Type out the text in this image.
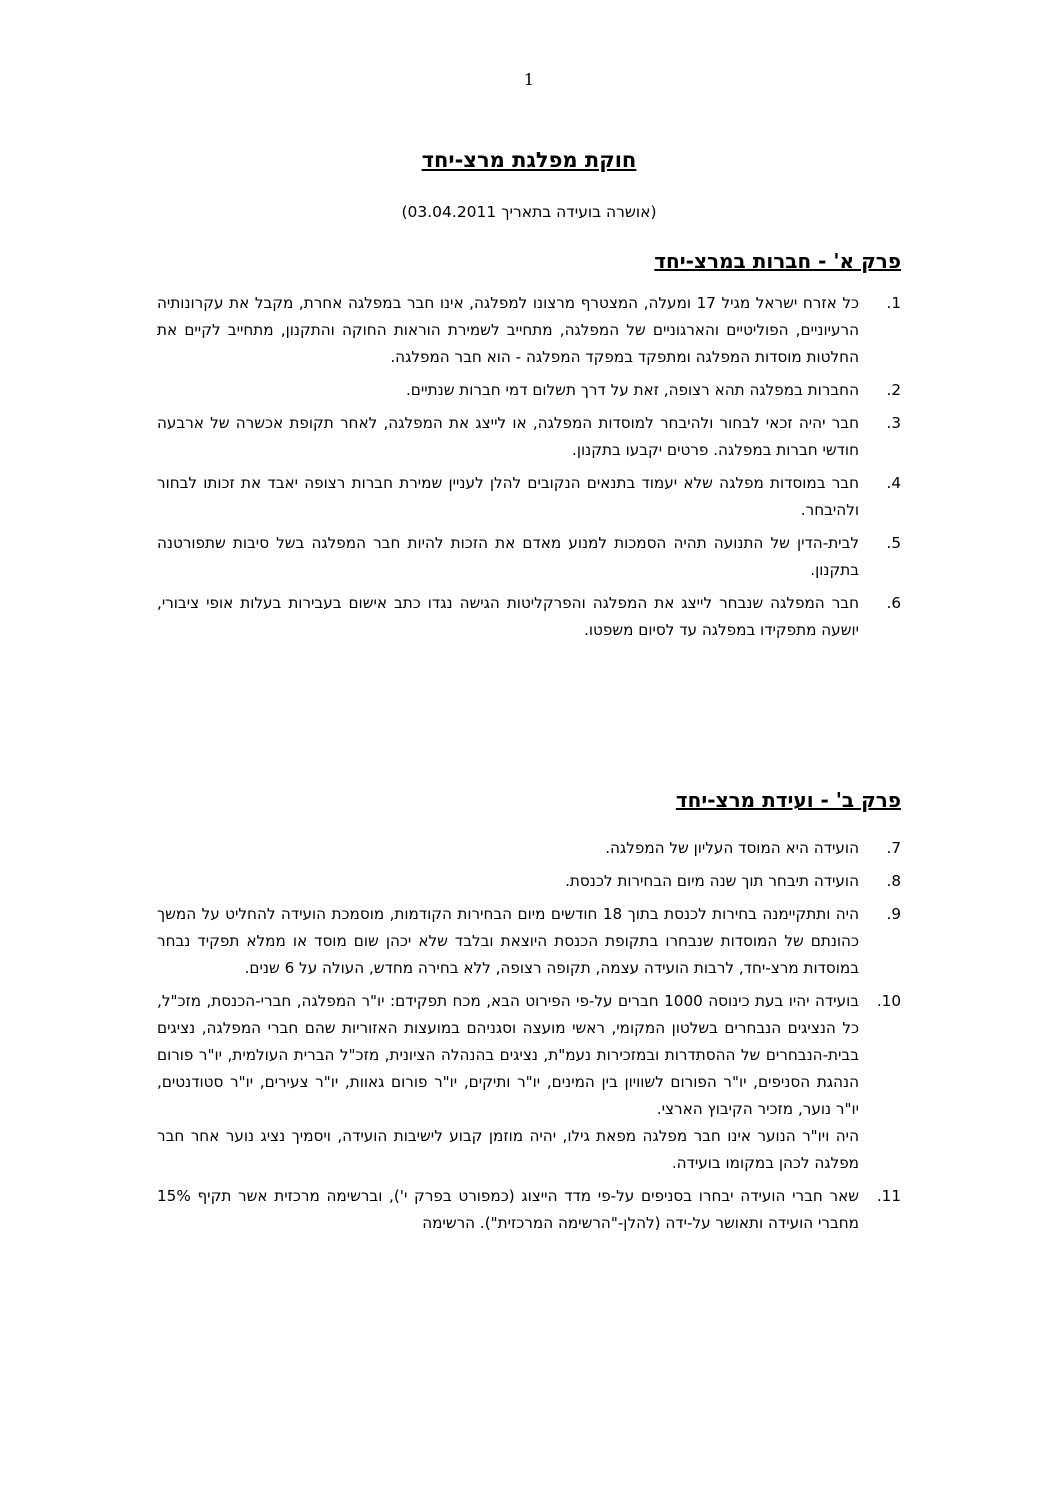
1
חוקת מפלגת מרצ-יחד
(אושרה בועידה בתאריך 03.04.2011)
פרק א' - חברות במרצ-יחד
1.
כל אזרח ישראל מגיל 17 ומעלה, המצטרף מרצונו למפלגה, אינו חבר במפלגה אחרת, מקבל את עקרונותיה הרעיוניים, הפוליטיים והארגוניים של המפלגה, מתחייב לשמירת הוראות החוקה והתקנון, מתחייב לקיים את החלטות מוסדות המפלגה ומתפקד במפקד המפלגה - הוא חבר המפלגה.
2.
החברות במפלגה תהא רצופה, זאת על דרך תשלום דמי חברות שנתיים.
3.
חבר יהיה זכאי לבחור ולהיבחר למוסדות המפלגה, או לייצג את המפלגה, לאחר תקופת אכשרה של ארבעה חודשי חברות במפלגה. פרטים יקבעו בתקנון.
4.
חבר במוסדות מפלגה שלא יעמוד בתנאים הנקובים להלן לעניין שמירת חברות רצופה יאבד את זכותו לבחור ולהיבחר.
5.
לבית-הדין של התנועה תהיה הסמכות למנוע מאדם את הזכות להיות חבר המפלגה בשל סיבות שתפורטנה בתקנון.
6.
חבר המפלגה שנבחר לייצג את המפלגה והפרקליטות הגישה נגדו כתב אישום בעבירות בעלות אופי ציבורי, יושעה מתפקידו במפלגה עד לסיום משפטו.
פרק ב' - ועידת מרצ-יחד
7.
הועידה היא המוסד העליון של המפלגה.
8.
הועידה תיבחר תוך שנה מיום הבחירות לכנסת.
9.
היה ותתקיימנה בחירות לכנסת בתוך 18 חודשים מיום הבחירות הקודמות, מוסמכת הועידה להחליט על המשך כהונתם של המוסדות שנבחרו בתקופת הכנסת היוצאת ובלבד שלא יכהן שום מוסד או ממלא תפקיד נבחר במוסדות מרצ-יחד, לרבות הועידה עצמה, תקופה רצופה, ללא בחירה מחדש, העולה על 6 שנים.
10.
בועידה יהיו בעת כינוסה 1000 חברים על-פי הפירוט הבא, מכח תפקידם: יו"ר המפלגה, חברי-הכנסת, מזכ"ל, כל הנציגים הנבחרים בשלטון המקומי, ראשי מועצה וסגניהם במועצות האזוריות שהם חברי המפלגה, נציגים בבית-הנבחרים של ההסתדרות ובמזכירות נעמ"ת, נציגים בהנהלה הציונית, מזכ"ל הברית העולמית, יו"ר פורום הנהגת הסניפים, יו"ר הפורום לשוויון בין המינים, יו"ר ותיקים, יו"ר פורום גאוות, יו"ר צעירים, יו"ר סטודנטים, יו"ר נוער, מזכיר הקיבוץ הארצי.
היה ויו"ר הנוער אינו חבר מפלגה מפאת גילו, יהיה מוזמן קבוע לישיבות הועידה, ויסמיך נציג נוער אחר חבר מפלגה לכהן במקומו בועידה.
11.
שאר חברי הועידה יבחרו בסניפים על-פי מדד הייצוג (כמפורט בפרק י'), וברשימה מרכזית אשר תקיף 15% מחברי הועידה ותאושר על-ידה (להלן-"הרשימה המרכזית"). הרשימה
